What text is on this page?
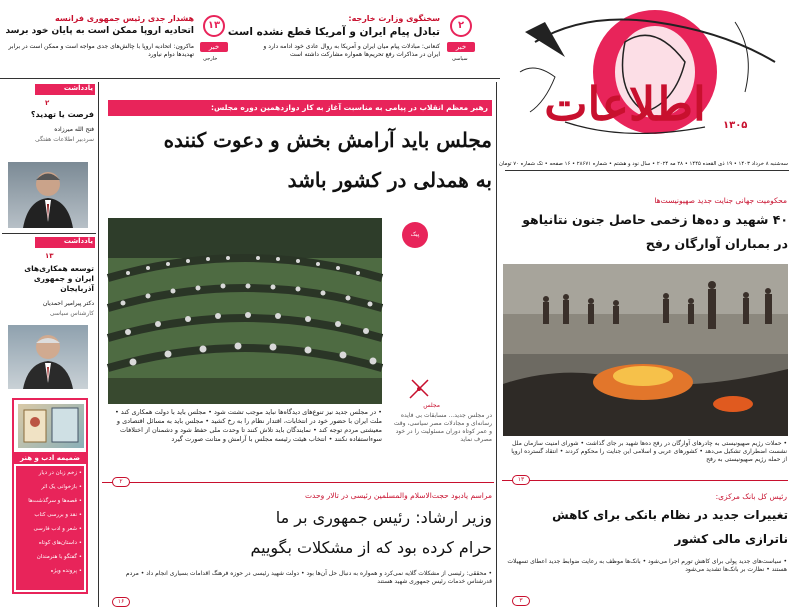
اطلاعات	۱۳۰۵
سه‌شنبه ۸ خرداد ۱۴۰۳ • ۱۹ ذی القعده ۱۴۴۵ • ۲۸ مه ۲۰۲۴ • سال نود و هشتم • شماره ۲۸۶۷۱ • ۱۶ صفحه • تک شماره ۷۰ تومان
۲
خبر
سیاسی
سخنگوی وزارت خارجه:
تبادل پیام ایران و آمریکا قطع نشده است
کنعانی: مبادلات پیام میان ایران و آمریکا به روال عادی خود ادامه دارد و ایران در مذاکرات رفع تحریم‌ها همواره مشارکت داشته است
۱۳
خبر
خارجی
هشدار جدی رئیس جمهوری فرانسه
اتحادیه اروپا ممکن است به پایان خود برسد
ماکرون: اتحادیه اروپا با چالش‌های جدی مواجه است و ممکن است در برابر تهدیدها دوام نیاورد
یادداشت
۲
فرصت یا تهدید؟
فتح الله میرزاده
سردبیر اطلاعات هفتگی
یادداشت
۱۳
توسعه همکاری‌های ایران و جمهوری آذربایجان
دکتر پیرامیر احمدیان
کارشناس سیاسی
ضمیمه ادب و هنر
• زخم زبان در دیار
• بازخوانی یک اثر
• قصه‌ها و سرگذشت‌ها
• نقد و بررسی کتاب
• شعر و ادب فارسی
• داستان‌های کوتاه
• گفتگو با هنرمندان
• پرونده ویژه
رهبر معظم انقلاب در پیامی به مناسبت آغاز به کار دوازدهمین دوره مجلس:
مجلس باید آرامش بخش و دعوت کننده
به همدلی در کشور باشد
پیک
مجلس
در مجلس جدید... مسابقات بی فایده رسانه‌ای و مجادلات مصر سیاسی، وقت و عمر کوتاه دوران مسئولیت را در خود مصرف نماید
• در مجلس جدید نیز تنوع‌های دیدگاه‌ها نباید موجب تشتت شود • مجلس باید با دولت همکاری کند • ملت ایران با حضور خود در انتخابات، اقتدار نظام را به رخ کشید • مجلس باید به مسائل اقتصادی و معیشتی مردم توجه کند • نمایندگان باید تلاش کنند تا وحدت ملی حفظ شود و دشمنان از اختلافات سوءاستفاده نکنند • انتخاب هیئت رئیسه مجلس با آرامش و متانت صورت گیرد
۲
مراسم یادبود حجت‌الاسلام والمسلمین رئیسی در تالار وحدت
وزیر ارشاد: رئیس جمهوری بر ما
حرام کرده بود که از مشکلات بگوییم
• محققی: رئیسی از مشکلات گلایه نمی‌کرد و همواره به دنبال حل آن‌ها بود • دولت شهید رئیسی در حوزه فرهنگ اقدامات بسیاری انجام داد • مردم قدرشناس خدمات رئیس جمهوری شهید هستند
۱۶
محکومیت جهانی جنایت جدید صهیونیست‌ها
۴۰ شهید و ده‌ها زخمی حاصل جنون نتانیاهو
در بمباران آوارگان رفح
• حملات رژیم صهیونیستی به چادرهای آوارگان در رفح ده‌ها شهید بر جای گذاشت • شورای امنیت سازمان ملل نشست اضطراری تشکیل می‌دهد • کشورهای عربی و اسلامی این جنایت را محکوم کردند • انتقاد گسترده اروپا از حمله رژیم صهیونیستی به رفح
۱۳
رئیس کل بانک مرکزی:
تغییرات جدید در نظام بانکی برای کاهش
ناترازی مالی کشور
• سیاست‌های جدید پولی برای کاهش تورم اجرا می‌شود • بانک‌ها موظف به رعایت ضوابط جدید اعطای تسهیلات هستند • نظارت بر بانک‌ها تشدید می‌شود
۳
